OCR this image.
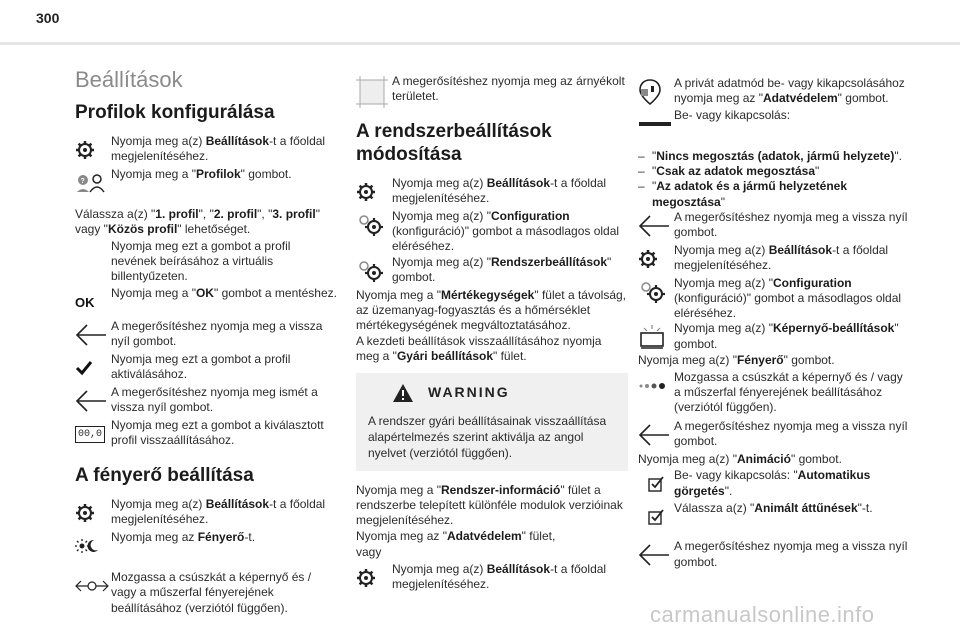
300
Beállítások
Profilok konfigurálása
Nyomja meg a(z) Beállítások-t a főoldal megjelenítéséhez.
?
Nyomja meg a "Profilok" gombot.

Válassza a(z) "1. profil", "2. profil", "3. profil" vagy "Közös profil" lehetőséget.

Nyomja meg ezt a gombot a profil nevének beírásához a virtuális billentyűzeten.
OK
Nyomja meg a "OK" gombot a mentéshez.
A megerősítéshez nyomja meg a vissza nyíl gombot.
Nyomja meg ezt a gombot a profil aktiválásához.
A megerősítéshez nyomja meg ismét a vissza nyíl gombot.
00,0
Nyomja meg ezt a gombot a kiválasztott profil visszaállításához.
A fényerő beállítása
Nyomja meg a(z) Beállítások-t a főoldal megjelenítéséhez.
Nyomja meg az Fényerő-t.
Mozgassa a csúszkát a képernyő és / vagy a műszerfal fényerejének beállításához (verziótól függően).
A megerősítéshez nyomja meg az árnyékolt területet.
A rendszerbeállítások módosítása
Nyomja meg a(z) Beállítások-t a főoldal megjelenítéséhez.
Nyomja meg a(z) "Configuration (konfiguráció)" gombot a másodlagos oldal eléréséhez.
Nyomja meg a(z) "Rendszerbeállítások" gombot.

Nyomja meg a "Mértékegységek" fület a távolság, az üzemanyag-fogyasztás és a hőmérséklet mértékegységének megváltoztatásához.

A kezdeti beállítások visszaállításához nyomja meg a "Gyári beállítások" fület.

WARNING
A rendszer gyári beállításainak visszaállítása alapértelmezés szerint aktiválja az angol nyelvet (verziótól függően).

Nyomja meg a "Rendszer-információ" fület a rendszerbe telepített különféle modulok verzióinak megjelenítéséhez.

Nyomja meg az "Adatvédelem" fület,

vagy

Nyomja meg a(z) Beállítások-t a főoldal megjelenítéséhez.
A privát adatmód be- vagy kikapcsolásához nyomja meg az "Adatvédelem" gombot.
Be- vagy kikapcsolás:
– "Nincs megosztás (adatok, jármű helyzete)".
– "Csak az adatok megosztása"
– "Az adatok és a jármű helyzetének megosztása"
A megerősítéshez nyomja meg a vissza nyíl gombot.
Nyomja meg a(z) Beállítások-t a főoldal megjelenítéséhez.
Nyomja meg a(z) "Configuration (konfiguráció)" gombot a másodlagos oldal eléréséhez.
Nyomja meg a(z) "Képernyő-beállítások" gombot.

Nyomja meg a(z) "Fényerő" gombot.

Mozgassa a csúszkát a képernyő és / vagy a műszerfal fényerejének beállításához (verziótól függően).
A megerősítéshez nyomja meg a vissza nyíl gombot.

Nyomja meg a(z) "Animáció" gombot.

Be- vagy kikapcsolás: "Automatikus görgetés".
Válassza a(z) "Animált áttűnések"-t.
A megerősítéshez nyomja meg a vissza nyíl gombot.
carmanualsonline.info
